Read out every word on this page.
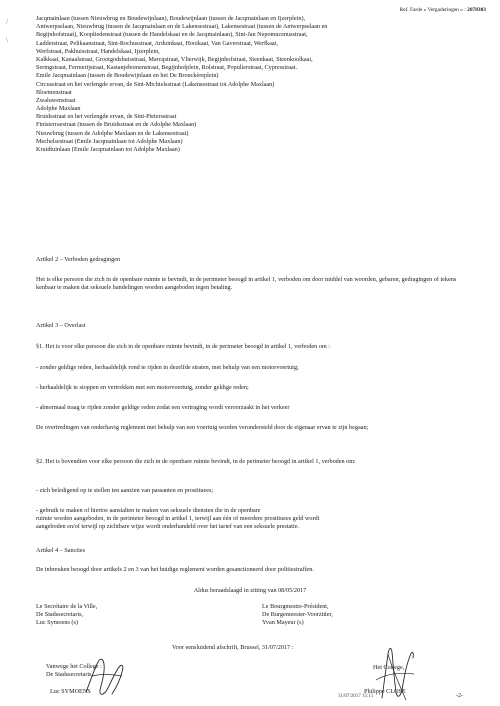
Ref. Farde « Vergaderingen » : 2078383
/
\
Jacqmainlaan (tussen Nieuwbrug en Boudewijnlaan), Boudewijnlaan (tussen de Jacqmainlaan en Ijzerplein),
Antwerpselaan, Nieuwbrug (tussen de Jacqmainlaan en de Lakensestraat), Lakensestraat (tussen de Antwerpselaan en
Begijnhofstraat), Koopliedenstraat (tussen de Handelskaai en de Jacqmainlaan), Sint-Jan Nepomucenusstraat,
Ladderstraat, Pelikaanstraat, Sint-Rochusstraat, Arduinkaai, Hooikaai, Van Gaverstraat, Werfkaai,
Werfstraat, Pakhuisstraat, Handelskaai, Ijzerplein,
Kalkkaai, Kanaalstraat, Grootgodshuisstraat, Marcqstraat, Vlierwijk, Begijnhofstraat, Steenkaai, Steenkoolkaai,
Seringstraat, Fermerijstraat, Kastanjebomenstraat, Begijnhofplein, Rolstraat, Populierstraat, Cypresstraat.
Emile Jacqmainlaan (tussen de Boudewijnlaan en het De Brouckèreplein)
Circusstraat en het verlengde ervan, de Sint-Michielsstraat (Lakensestraat tot Adolphe Maxlaan)
Bloemenstraat
Zwaluwenstraat
Adolphe Maxlaan
Bruidsstraat en het verlengde ervan, de Sint-Pietersstraat
Finisterraestraat (tussen de Bruidsstraat en de Adolphe Maxlaan)
Nieuwbrug (tussen de Adolphe Maxlaan en de Lakensestraat)
Mechelsestraat (Emile Jacqmainlaan tot Adolphe Maxlaan)
Kruidtuinlaan (Emile Jacqmainlaan tot Adolphe Maxlaan)
Artikel 2 – Verboden gedragingen
Het is elke persoon die zich in de openbare ruimte te bevindt, in de perimeter beoogd in artikel 1, verboden om door middel van woorden, gebaren, gedragingen of tekens kenbaar te maken dat seksuele handelingen worden aangeboden tegen betaling.
Artikel 3 – Overlast
§1. Het is voor elke persoon die zich in de openbare ruimte bevindt, in de perimeter beoogd in artikel 1, verboden om :
- zonder geldige reden, herhaaldelijk rond te rijden in dezelfde straten, met behulp van een motorvoertuig;
- herhaaldelijk te stoppen en vertrekken met een motorvoertuig, zonder geldige reden;
- abnormaal traag te rijden zonder geldige reden zodat een vertraging wordt veroorzaakt in het verkeer
De overtredingen van onderhavig reglement met behulp van een voertuig worden verondersteld door de eigenaar ervan te zijn begaan;
§2. Het is bovendien voor elke persoon die zich in de openbare ruimte bevindt, in de perimeter beoogd in artikel 1, verboden om:
- zich beledigend op te stellen ten aanzien van passanten en prostituees;
- gebruik te maken of hiertoe aanstalten te maken van seksuele diensten die in de openbare
ruimte worden aangeboden, in de perimeter beoogd in artikel 1, terwijl aan één of meerdere prostituees geld wordt
aangeboden en/of terwijl op zichtbare wijze wordt onderhandeld over het tarief van een seksuele prestatie.
Artikel 4 – Sancties
De inbreuken beoogd door artikels 2 en 3 van het huidige reglement worden gesanctioneerd door politiestraffen.
Aldus beraadslaagd in zitting van 08/05/2017
Le Secrétaire de la Ville,
De Stadssecretaris,
Luc Symoens (s)
Le Bourgmestre-Président,
De Burgemeester-Voorzitter,
Yvan Mayeur (s)
Voor eensluidend afschrift, Brussel, 31/07/2017 :
Vanwege het College :
De Stadssecretaris,
Het College,
Luc SYMOENS	Philippe CLOSE
31/07/2017 15:11	-2-
